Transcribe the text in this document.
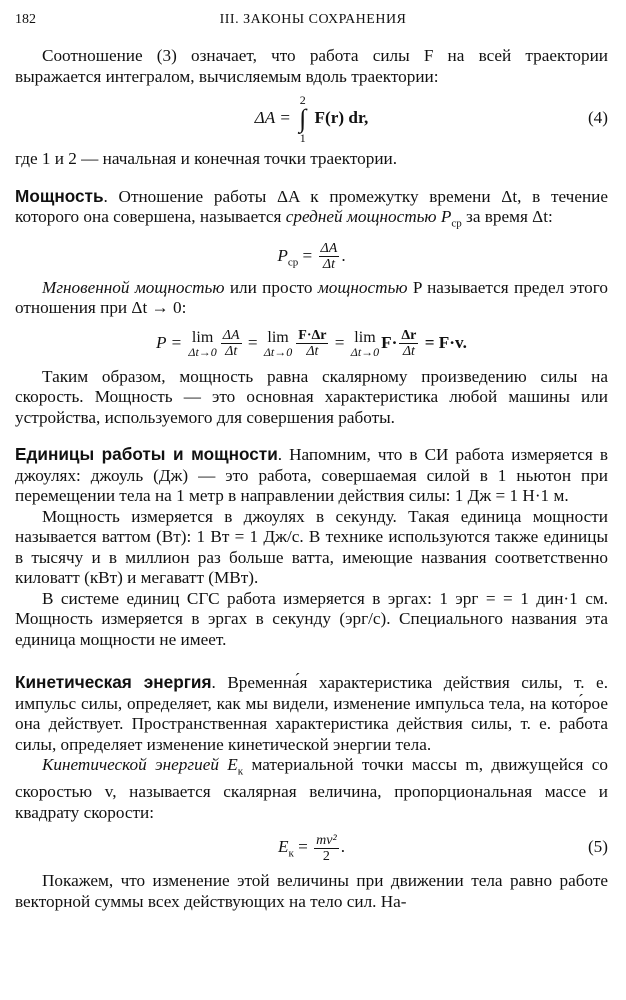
182	III. ЗАКОНЫ СОХРАНЕНИЯ

Соотношение (3) означает, что работа силы F на всей траектории выражается интегралом, вычисляемым вдоль траектории:

ΔA =
2
∫
1
F(r) dr,	(4)

где 1 и 2 — начальная и конечная точки траектории.

Мощность. Отношение работы ΔA к промежутку времени Δt, в течение которого она совершена, называется средней мощностью $P_{ср}$ за время Δt:

$P_{ср} = \frac{\Delta A}{\Delta t}$ .

Мгновенной мощностью или просто мощностью P называется предел этого отношения при Δt → 0:

P = lim
$\Delta t\to 0 \frac{\Delta A}{\Delta t} = \lim$
$\Delta t\to 0 \frac{F\cdot\Delta r}{\Delta t} = \lim$
Δt→0
$F\cdot \frac{\Delta r}{\Delta t} = F\cdot v$.

Таким образом, мощность равна скалярному произведению силы на скорость. Мощность — это основная характеристика любой машины или устройства, используемого для совершения работы.

Единицы работы и мощности. Напомним, что в СИ работа измеряется в джоулях: джоуль (Дж) — это работа, совершаемая силой в 1 ньютон при перемещении тела на 1 метр в направлении действия силы: 1 Дж = 1 Н·1 м.

Мощность измеряется в джоулях в секунду. Такая единица мощности называется ваттом (Вт): 1 Вт = 1 Дж/с. В технике используются также единицы в тысячу и в миллион раз больше ватта, имеющие названия соответственно киловатт (кВт) и мегаватт (МВт).

В системе единиц СГС работа измеряется в эргах: 1 эрг = = 1 дин·1 см. Мощность измеряется в эргах в секунду (эрг/с). Специального названия эта единица мощности не имеет.

Кинетическая энергия. Временна́я характеристика действия силы, т. е. импульс силы, определяет, как мы видели, изменение импульса тела, на кото́рое она действует. Пространственная характеристика действия силы, т. е. работа силы, определяет изменение кинетической энергии тела.

Кинетической энергией $E_к$ материальной точки массы m, движущейся со скоростью v, называется скалярная величина, пропорциональная массе и квадрату скорости:

$E_к = \frac{\text{mv²}}{2}$ .	(5)

Покажем, что изменение этой величины при движении тела равно работе векторной суммы всех действующих на тело сил. На-
